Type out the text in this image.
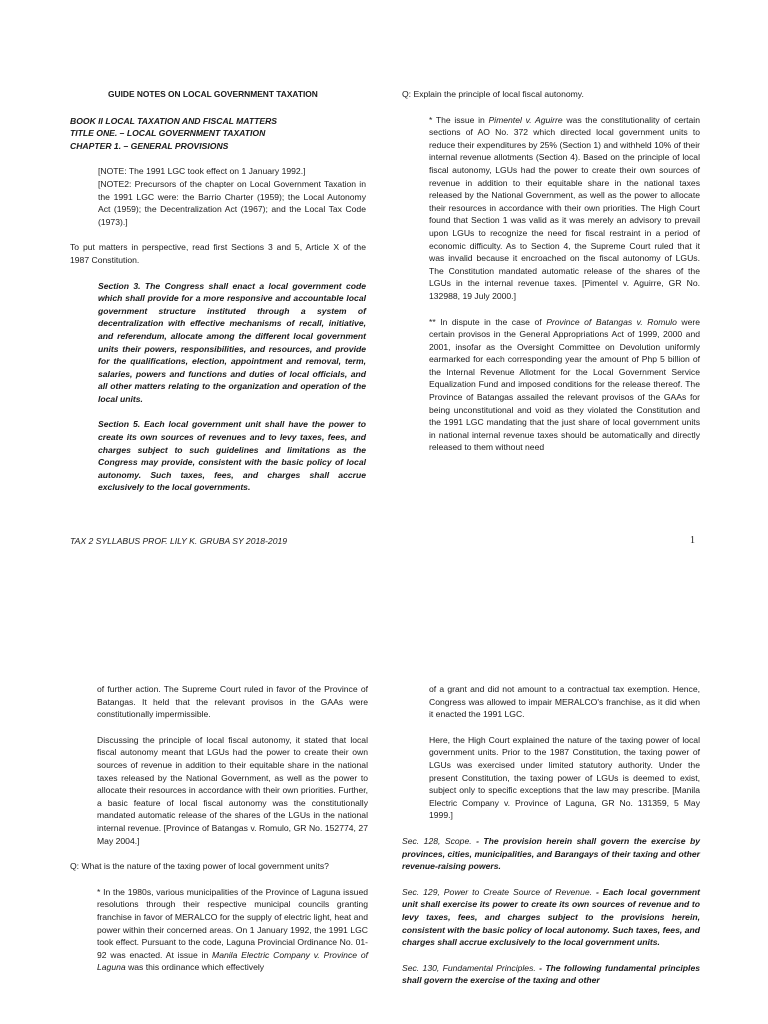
GUIDE NOTES ON LOCAL GOVERNMENT TAXATION

BOOK II LOCAL TAXATION AND FISCAL MATTERS

TITLE ONE. – LOCAL GOVERNMENT TAXATION

CHAPTER 1. – GENERAL PROVISIONS

[NOTE: The 1991 LGC took effect on 1 January 1992.]

[NOTE2: Precursors of the chapter on Local Government Taxation in the 1991 LGC were: the Barrio Charter (1959); the Local Autonomy Act (1959); the Decentralization Act (1967); and the Local Tax Code (1973).]

To put matters in perspective, read first Sections 3 and 5, Article X of the 1987 Constitution.

Section 3. The Congress shall enact a local government code which shall provide for a more responsive and accountable local government structure instituted through a system of decentralization with effective mechanisms of recall, initiative, and referendum, allocate among the different local government units their powers, responsibilities, and resources, and provide for the qualifications, election, appointment and removal, term, salaries, powers and functions and duties of local officials, and all other matters relating to the organization and operation of the local units.

Section 5. Each local government unit shall have the power to create its own sources of revenues and to levy taxes, fees, and charges subject to such guidelines and limitations as the Congress may provide, consistent with the basic policy of local autonomy. Such taxes, fees, and charges shall accrue exclusively to the local governments.

Q: Explain the principle of local fiscal autonomy.

* The issue in Pimentel v. Aguirre was the constitutionality of certain sections of AO No. 372 which directed local government units to reduce their expenditures by 25% (Section 1) and withheld 10% of their internal revenue allotments (Section 4). Based on the principle of local fiscal autonomy, LGUs had the power to create their own sources of revenue in addition to their equitable share in the national taxes released by the National Government, as well as the power to allocate their resources in accordance with their own priorities. The High Court found that Section 1 was valid as it was merely an advisory to prevail upon LGUs to recognize the need for fiscal restraint in a period of economic difficulty. As to Section 4, the Supreme Court ruled that it was invalid because it encroached on the fiscal autonomy of LGUs. The Constitution mandated automatic release of the shares of the LGUs in the internal revenue taxes. [Pimentel v. Aguirre, GR No. 132988, 19 July 2000.]

** In dispute in the case of Province of Batangas v. Romulo were certain provisos in the General Appropriations Act of 1999, 2000 and 2001, insofar as the Oversight Committee on Devolution uniformly earmarked for each corresponding year the amount of Php 5 billion of the Internal Revenue Allotment for the Local Government Service Equalization Fund and imposed conditions for the release thereof. The Province of Batangas assailed the relevant provisos of the GAAs for being unconstitutional and void as they violated the Constitution and the 1991 LGC mandating that the just share of local government units in national internal revenue taxes should be automatically and directly released to them without need

TAX 2 SYLLABUS PROF. LILY K. GRUBA SY 2018-2019	1

of further action. The Supreme Court ruled in favor of the Province of Batangas. It held that the relevant provisos in the GAAs were constitutionally impermissible.

Discussing the principle of local fiscal autonomy, it stated that local fiscal autonomy meant that LGUs had the power to create their own sources of revenue in addition to their equitable share in the national taxes released by the National Government, as well as the power to allocate their resources in accordance with their own priorities. Further, a basic feature of local fiscal autonomy was the constitutionally mandated automatic release of the shares of the LGUs in the national internal revenue. [Province of Batangas v. Romulo, GR No. 152774, 27 May 2004.]

Q: What is the nature of the taxing power of local government units?

* In the 1980s, various municipalities of the Province of Laguna issued resolutions through their respective municipal councils granting franchise in favor of MERALCO for the supply of electric light, heat and power within their concerned areas. On 1 January 1992, the 1991 LGC took effect. Pursuant to the code, Laguna Provincial Ordinance No. 01-92 was enacted. At issue in Manila Electric Company v. Province of Laguna was this ordinance which effectively

of a grant and did not amount to a contractual tax exemption. Hence, Congress was allowed to impair MERALCO's franchise, as it did when it enacted the 1991 LGC.

Here, the High Court explained the nature of the taxing power of local government units. Prior to the 1987 Constitution, the taxing power of LGUs was exercised under limited statutory authority. Under the present Constitution, the taxing power of LGUs is deemed to exist, subject only to specific exceptions that the law may prescribe. [Manila Electric Company v. Province of Laguna, GR No. 131359, 5 May 1999.]

Sec. 128, Scope. - The provision herein shall govern the exercise by provinces, cities, municipalities, and Barangays of their taxing and other revenue-raising powers.

Sec. 129, Power to Create Source of Revenue. - Each local government unit shall exercise its power to create its own sources of revenue and to levy taxes, fees, and charges subject to the provisions herein, consistent with the basic policy of local autonomy. Such taxes, fees, and charges shall accrue exclusively to the local government units.

Sec. 130, Fundamental Principles. - The following fundamental principles shall govern the exercise of the taxing and other
